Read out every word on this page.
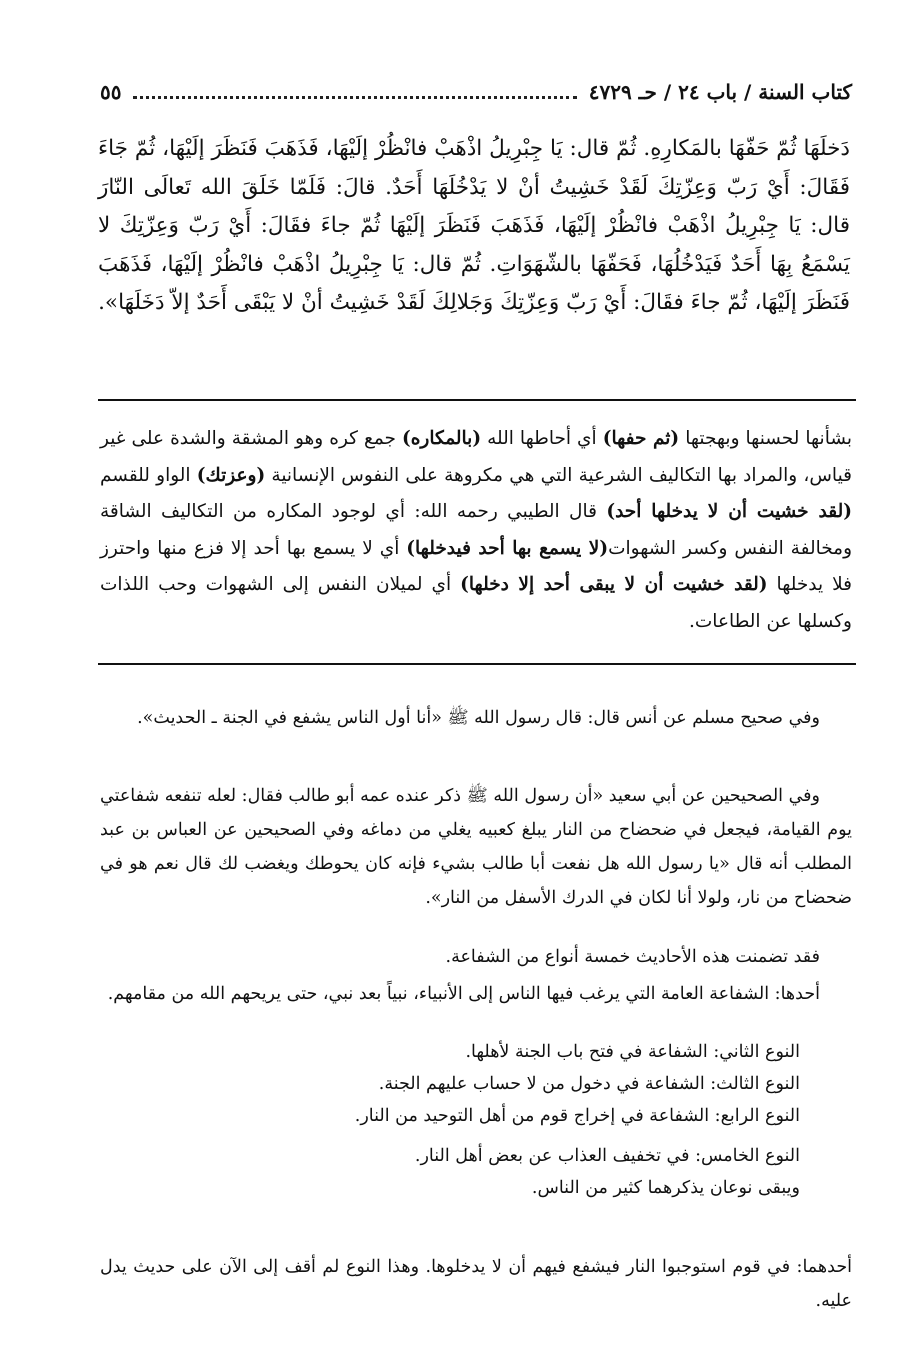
كتاب السنة / باب ٢٤ / حـ ٤٧٢٩
٥٥

دَخلَهَا ثُمّ حَفّهَا بالمَكارِهِ. ثُمّ قال: يَا جِبْرِيلُ اذْهَبْ فانْظُرْ إلَيْهَا، فَذَهَبَ فَنَظَرَ إلَيْهَا، ثُمّ جَاءَ فَقَالَ: أَيْ رَبّ وَعِزّتِكَ لَقَدْ خَشِيتُ أنْ لا يَدْخُلَهَا أَحَدٌ. قالَ: فَلَمّا خَلَقَ الله تَعالَى النّارَ قال: يَا جِبْرِيلُ اذْهَبْ فانْظُرْ إلَيْهَا، فَذَهَبَ فَنَظَرَ إلَيْهَا ثُمّ جاءَ فقَالَ: أَيْ رَبّ وَعِزّتِكَ لا يَسْمَعُ بِهَا أَحَدٌ فَيَدْخُلُهَا، فَحَفّهَا بالشّهَوَاتِ. ثُمّ قال: يَا جِبْرِيلُ اذْهَبْ فانْظُرْ إلَيْهَا، فَذَهَبَ فَنَظَرَ إلَيْهَا، ثُمّ جاءَ فقَالَ: أَيْ رَبّ وَعِزّتِكَ وَجَلالِكَ لَقَدْ خَشِيتُ أنْ لا يَبْقَى أَحَدٌ إلاّ دَخَلَهَا».

بشأنها لحسنها وبهجتها (ثم حفها) أي أحاطها الله (بالمكاره) جمع كره وهو المشقة والشدة على غير قياس، والمراد بها التكاليف الشرعية التي هي مكروهة على النفوس الإنسانية (وعزتك) الواو للقسم (لقد خشيت أن لا يدخلها أحد) قال الطيبي رحمه الله: أي لوجود المكاره من التكاليف الشاقة ومخالفة النفس وكسر الشهوات(لا يسمع بها أحد فيدخلها) أي لا يسمع بها أحد إلا فزع منها واحترز فلا يدخلها (لقد خشيت أن لا يبقى أحد إلا دخلها) أي لميلان النفس إلى الشهوات وحب اللذات وكسلها عن الطاعات.

وفي صحيح مسلم عن أنس قال: قال رسول الله ﷺ «أنا أول الناس يشفع في الجنة ـ الحديث».

وفي الصحيحين عن أبي سعيد «أن رسول الله ﷺ ذكر عنده عمه أبو طالب فقال: لعله تنفعه شفاعتي يوم القيامة، فيجعل في ضحضاح من النار يبلغ كعبيه يغلي من دماغه وفي الصحيحين عن العباس بن عبد المطلب أنه قال «يا رسول الله هل نفعت أبا طالب بشيء فإنه كان يحوطك ويغضب لك قال نعم هو في ضحضاح من نار، ولولا أنا لكان في الدرك الأسفل من النار».

فقد تضمنت هذه الأحاديث خمسة أنواع من الشفاعة.

أحدها: الشفاعة العامة التي يرغب فيها الناس إلى الأنبياء، نبياً بعد نبي، حتى يريحهم الله من مقامهم.

النوع الثاني: الشفاعة في فتح باب الجنة لأهلها.
النوع الثالث: الشفاعة في دخول من لا حساب عليهم الجنة.
النوع الرابع: الشفاعة في إخراج قوم من أهل التوحيد من النار.
النوع الخامس: في تخفيف العذاب عن بعض أهل النار.
ويبقى نوعان يذكرهما كثير من الناس.

أحدهما: في قوم استوجبوا النار فيشفع فيهم أن لا يدخلوها. وهذا النوع لم أقف إلى الآن على حديث يدل عليه.
